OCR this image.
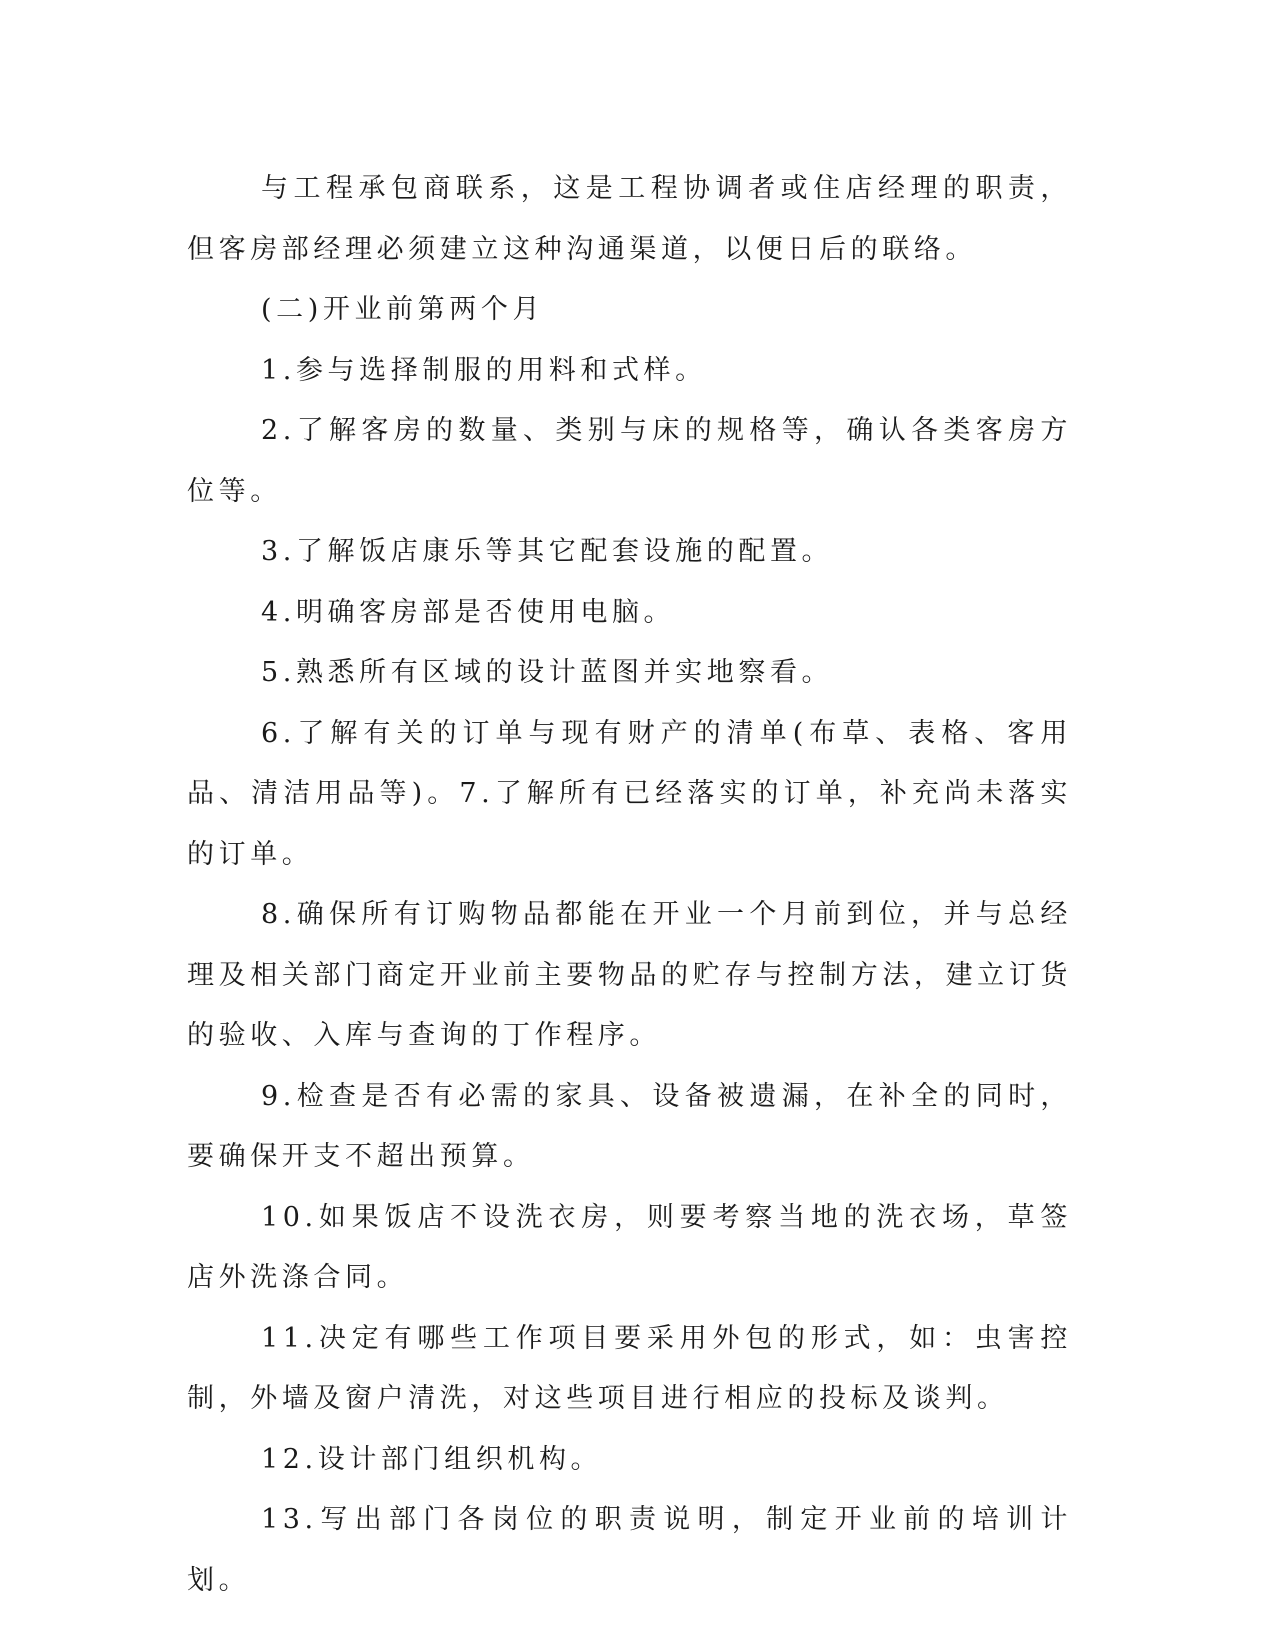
与工程承包商联系，这是工程协调者或住店经理的职责，但客房部经理必须建立这种沟通渠道，以便日后的联络。

(二)开业前第两个月

1.参与选择制服的用料和式样。

2.了解客房的数量、类别与床的规格等，确认各类客房方位等。

3.了解饭店康乐等其它配套设施的配置。

4.明确客房部是否使用电脑。

5.熟悉所有区域的设计蓝图并实地察看。

6.了解有关的订单与现有财产的清单(布草、表格、客用品、清洁用品等)。7.了解所有已经落实的订单，补充尚未落实的订单。

8.确保所有订购物品都能在开业一个月前到位，并与总经理及相关部门商定开业前主要物品的贮存与控制方法，建立订货的验收、入库与查询的丁作程序。

9.检查是否有必需的家具、设备被遗漏，在补全的同时，要确保开支不超出预算。

10.如果饭店不设洗衣房，则要考察当地的洗衣场，草签店外洗涤合同。

11.决定有哪些工作项目要采用外包的形式，如：虫害控制，外墙及窗户清洗，对这些项目进行相应的投标及谈判。

12.设计部门组织机构。

13.写出部门各岗位的职责说明，制定开业前的培训计划。
